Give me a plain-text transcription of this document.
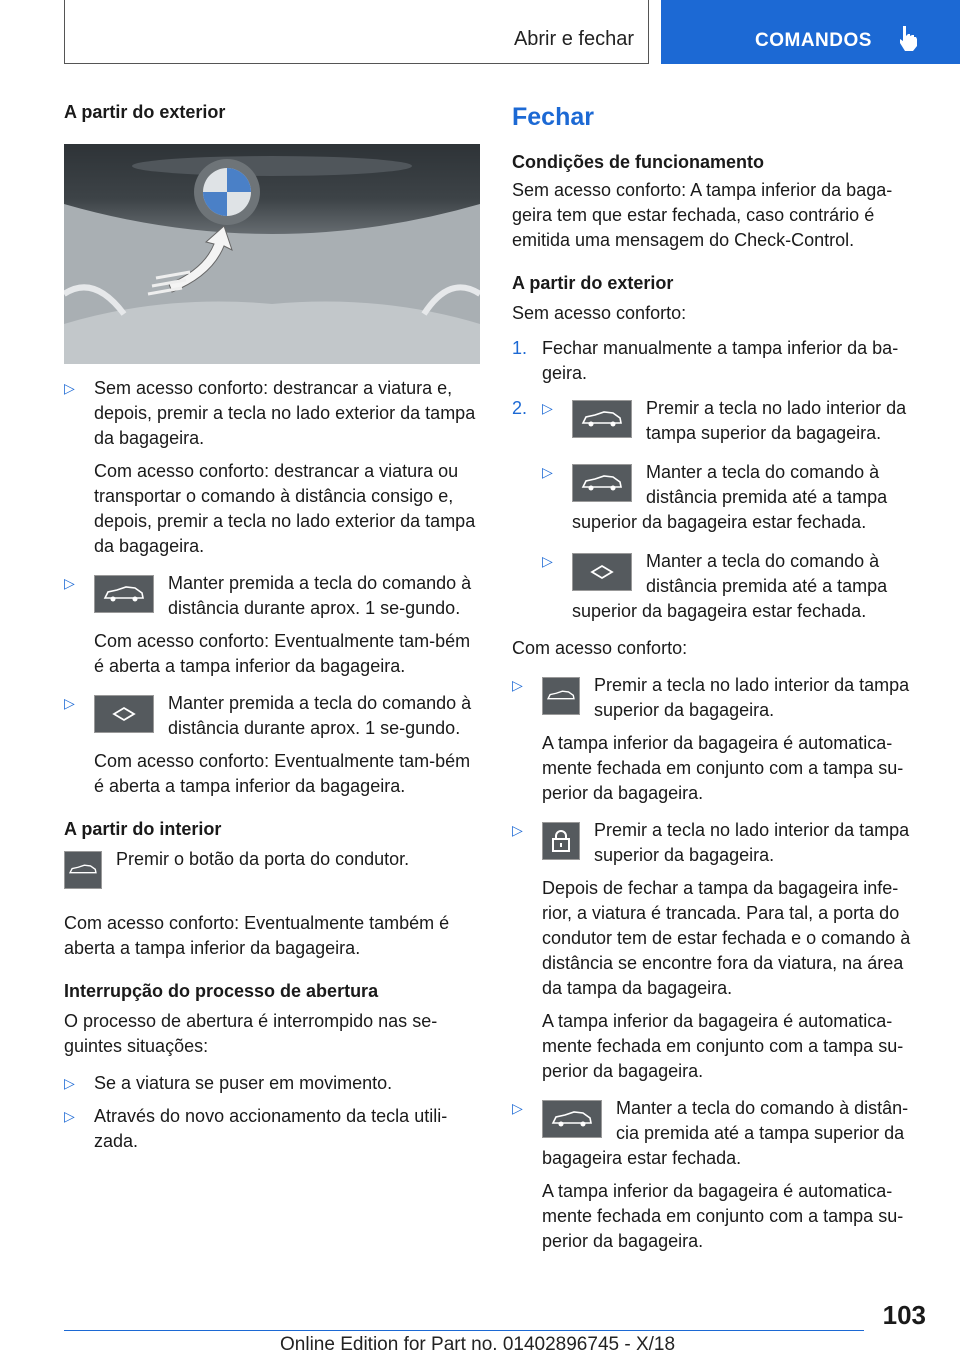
Abrir e fechar	COMANDOS
A partir do exterior
▷ Sem acesso conforto: destrancar a viatura e, depois, premir a tecla no lado exterior da tampa da bagageira.

Com acesso conforto: destrancar a viatura ou transportar o comando à distância consigo e, depois, premir a tecla no lado exterior da tampa da bagageira.

▷	Manter premida a tecla do comando à distância durante aprox. 1 se-gundo.

Com acesso conforto: Eventualmente tam-bém é aberta a tampa inferior da bagageira.

▷	Manter premida a tecla do comando à distância durante aprox. 1 se-gundo.

Com acesso conforto: Eventualmente tam-bém é aberta a tampa inferior da bagageira.

A partir do interior

Premir o botão da porta do condutor.

Com acesso conforto: Eventualmente também é aberta a tampa inferior da bagageira.

Interrupção do processo de abertura

O processo de abertura é interrompido nas se-guintes situações:

▷ Se a viatura se puser em movimento.

▷ Através do novo accionamento da tecla utili-zada.

Fechar
Condições de funcionamento

Sem acesso conforto: A tampa inferior da baga-geira tem que estar fechada, caso contrário é emitida uma mensagem do Check-Control.

A partir do exterior

Sem acesso conforto:

1. Fechar manualmente a tampa inferior da ba-geira.

2. ▷	Premir a tecla no lado interior da tampa superior da bagageira.

▷	Manter a tecla do comando à distância premida até a tampa superior da bagageira estar fechada.

▷	Manter a tecla do comando à distância premida até a tampa superior da bagageira estar fechada.

Com acesso conforto:

▷	Premir a tecla no lado interior da tampa superior da bagageira.

A tampa inferior da bagageira é automatica-mente fechada em conjunto com a tampa su-perior da bagageira.

▷	Premir a tecla no lado interior da tampa superior da bagageira.

Depois de fechar a tampa da bagageira infe-rior, a viatura é trancada. Para tal, a porta do condutor tem de estar fechada e o comando à distância se encontre fora da viatura, na área da tampa da bagageira.

A tampa inferior da bagageira é automatica-mente fechada em conjunto com a tampa su-perior da bagageira.

▷	Manter a tecla do comando à distân-cia premida até a tampa superior da bagageira estar fechada.

A tampa inferior da bagageira é automatica-mente fechada em conjunto com a tampa su-perior da bagageira.

103
Online Edition for Part no. 01402896745 - X/18
